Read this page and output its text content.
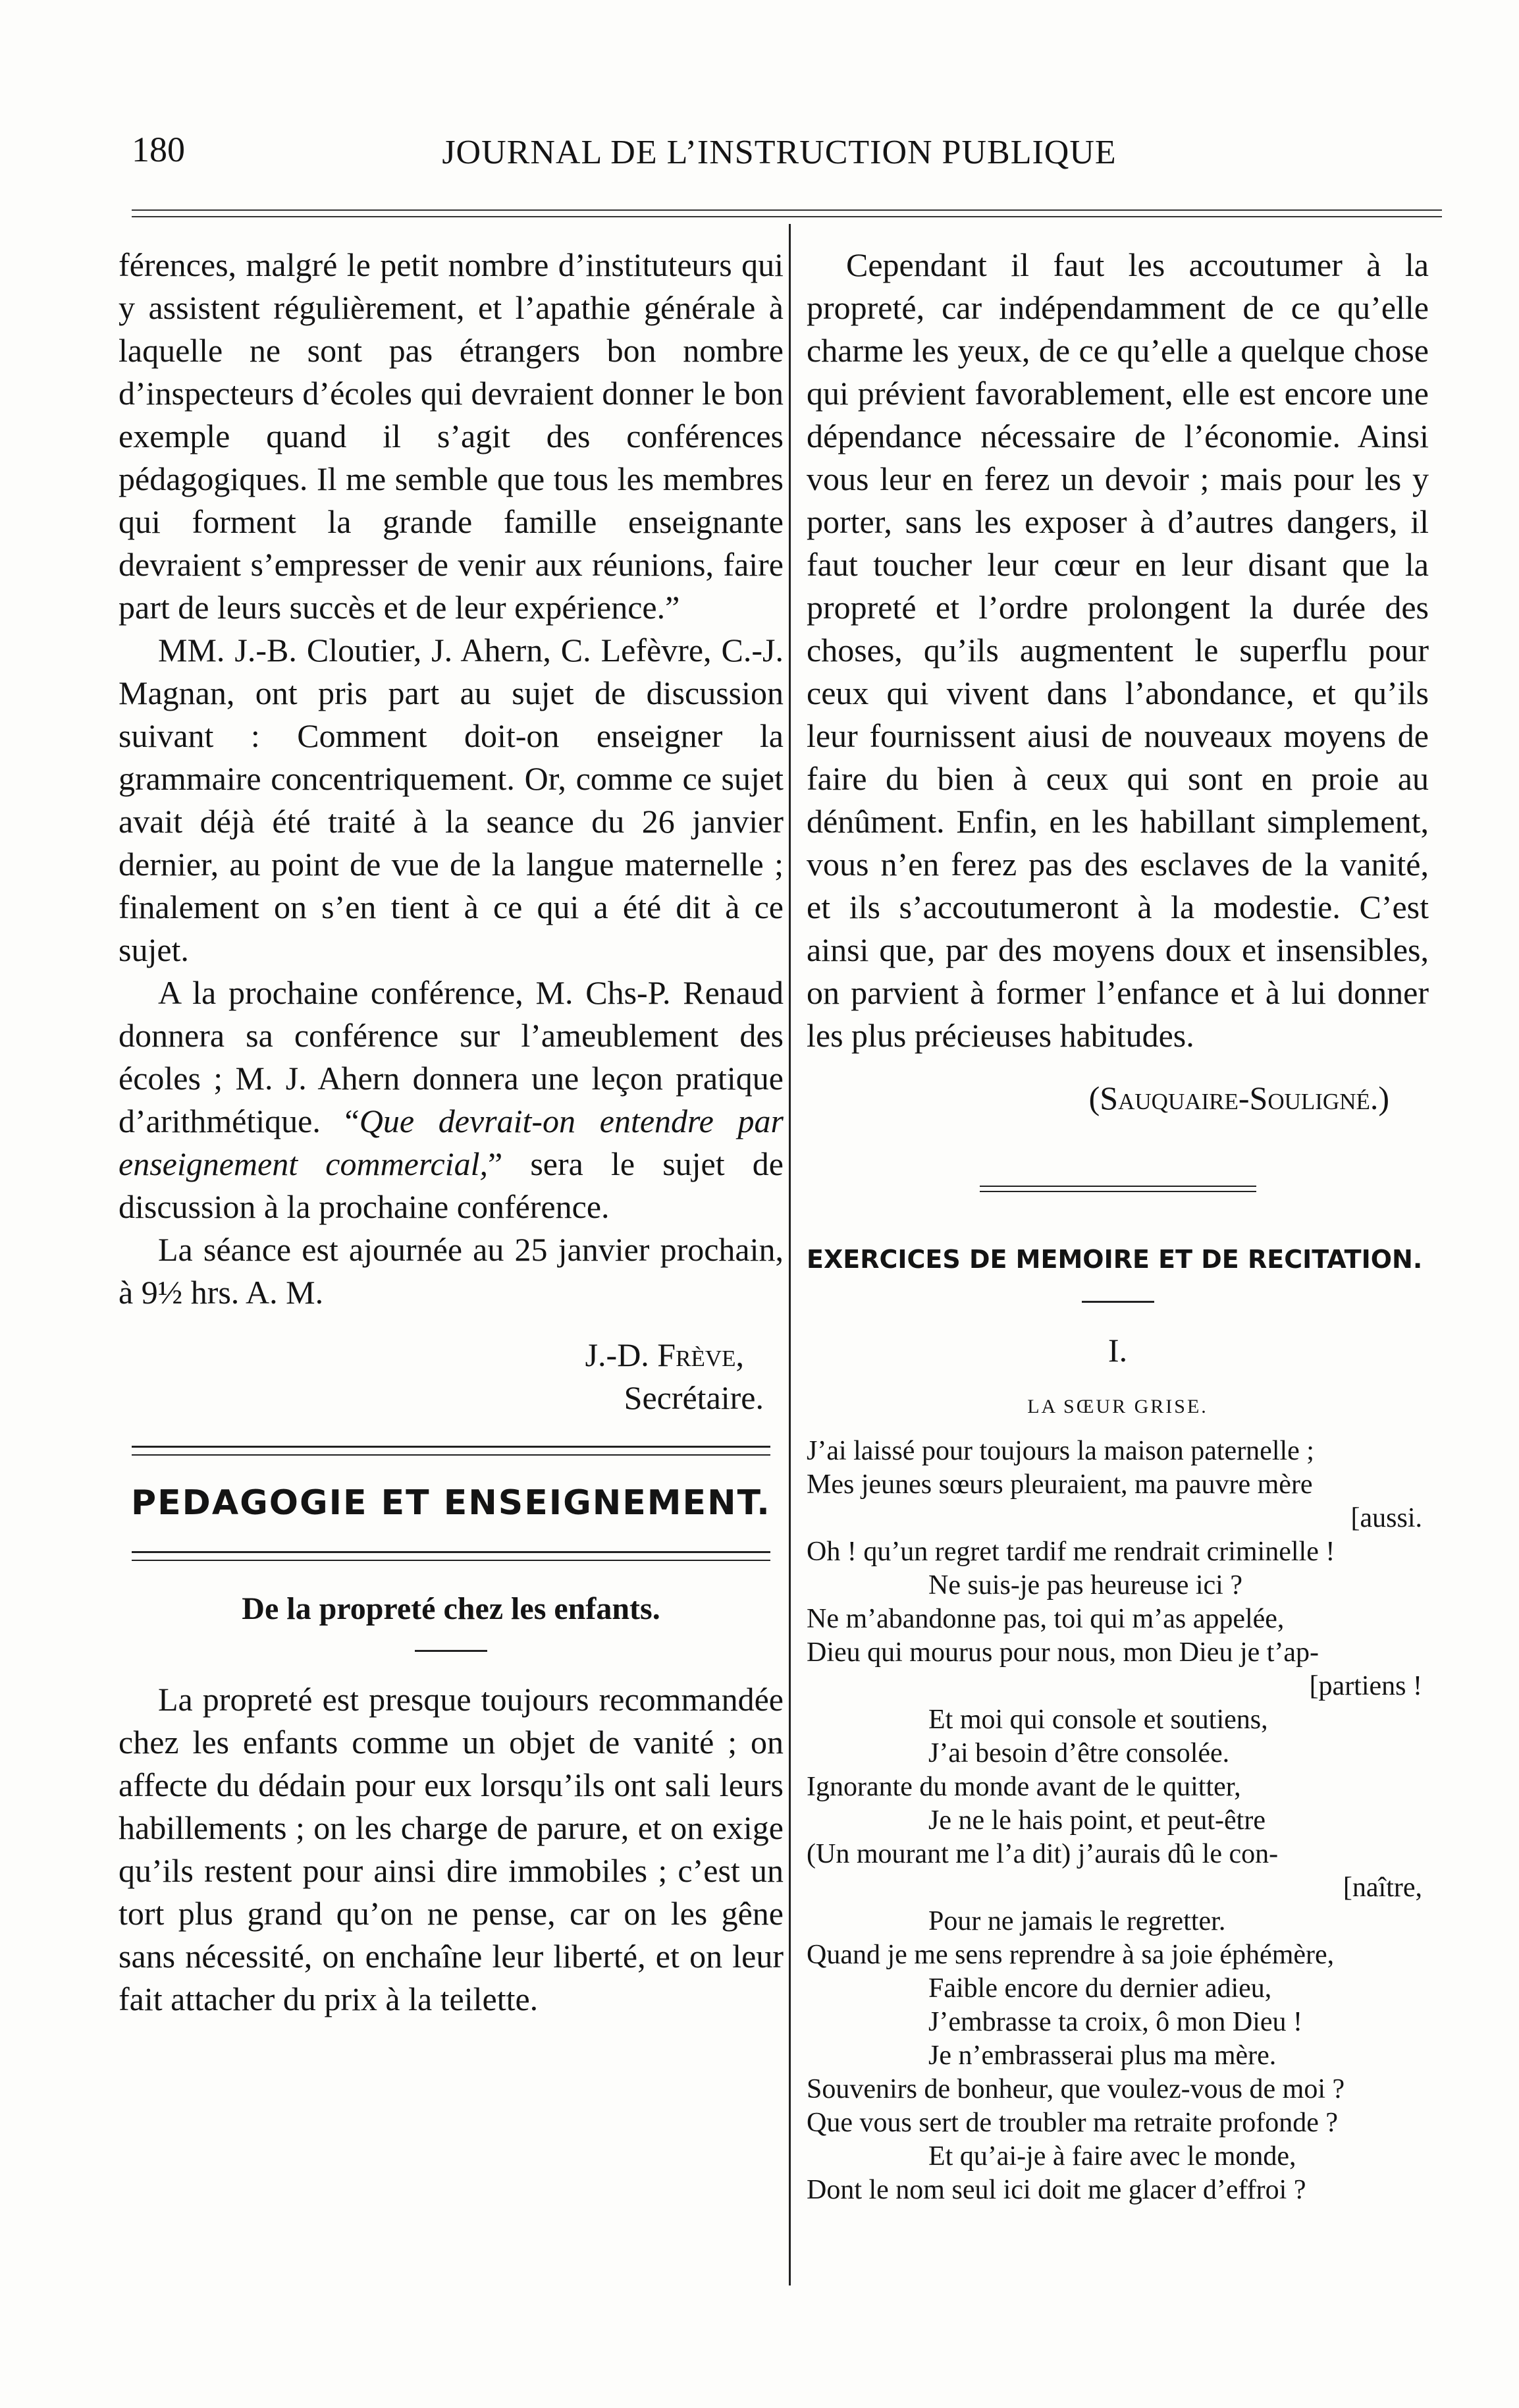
180	JOURNAL DE L’INSTRUCTION PUBLIQUE

férences, malgré le petit nombre d’instituteurs qui y assistent régulièrement, et l’apathie générale à laquelle ne sont pas étrangers bon nombre d’inspecteurs d’écoles qui devraient donner le bon exemple quand il s’agit des conférences pédagogiques. Il me semble que tous les membres qui forment la grande famille enseignante devraient s’empresser de venir aux réunions, faire part de leurs succès et de leur expérience.”

MM. J.-B. Cloutier, J. Ahern, C. Lefèvre, C.-J. Magnan, ont pris part au sujet de discussion suivant : Comment doit-on enseigner la grammaire concentriquement. Or, comme ce sujet avait déjà été traité à la seance du 26 janvier dernier, au point de vue de la langue maternelle ; finalement on s’en tient à ce qui a été dit à ce sujet.

A la prochaine conférence, M. Chs-P. Renaud donnera sa conférence sur l’ameublement des écoles ; M. J. Ahern donnera une leçon pratique d’arithmétique. “Que devrait-on entendre par enseignement commercial,” sera le sujet de discussion à la prochaine conférence.

La séance est ajournée au 25 janvier prochain, à 9½ hrs. A. M.

J.-D. Frève,

Secrétaire.

PEDAGOGIE ET ENSEIGNEMENT.

De la propreté chez les enfants.

La propreté est presque toujours recommandée chez les enfants comme un objet de vanité ; on affecte du dédain pour eux lorsqu’ils ont sali leurs habillements ; on les charge de parure, et on exige qu’ils restent pour ainsi dire immobiles ; c’est un tort plus grand qu’on ne pense, car on les gêne sans nécessité, on enchaîne leur liberté, et on leur fait attacher du prix à la teilette.

Cependant il faut les accoutumer à la propreté, car indépendamment de ce qu’elle charme les yeux, de ce qu’elle a quelque chose qui prévient favorablement, elle est encore une dépendance nécessaire de l’économie. Ainsi vous leur en ferez un devoir ; mais pour les y porter, sans les exposer à d’autres dangers, il faut toucher leur cœur en leur disant que la propreté et l’ordre prolongent la durée des choses, qu’ils augmentent le superflu pour ceux qui vivent dans l’abondance, et qu’ils leur fournissent aiusi de nouveaux moyens de faire du bien à ceux qui sont en proie au dénûment. Enfin, en les habillant simplement, vous n’en ferez pas des esclaves de la vanité, et ils s’accoutumeront à la modestie. C’est ainsi que, par des moyens doux et insensibles, on parvient à former l’enfance et à lui donner les plus précieuses habitudes.

(Sauquaire-Souligné.)

EXERCICES DE MEMOIRE ET DE RECITATION.

I.

LA SŒUR GRISE.

J’ai laissé pour toujours la maison paternelle ;

Mes jeunes sœurs pleuraient, ma pauvre mère

[aussi.

Oh ! qu’un regret tardif me rendrait criminelle !

Ne suis-je pas heureuse ici ?

Ne m’abandonne pas, toi qui m’as appelée,

Dieu qui mourus pour nous, mon Dieu je t’ap-

[partiens !

Et moi qui console et soutiens,

J’ai besoin d’être consolée.

Ignorante du monde avant de le quitter,

Je ne le hais point, et peut-être

(Un mourant me l’a dit) j’aurais dû le con-

[naître,

Pour ne jamais le regretter.

Quand je me sens reprendre à sa joie éphémère,

Faible encore du dernier adieu,

J’embrasse ta croix, ô mon Dieu !

Je n’embrasserai plus ma mère.

Souvenirs de bonheur, que voulez-vous de moi ?

Que vous sert de troubler ma retraite profonde ?

Et qu’ai-je à faire avec le monde,

Dont le nom seul ici doit me glacer d’effroi ?
